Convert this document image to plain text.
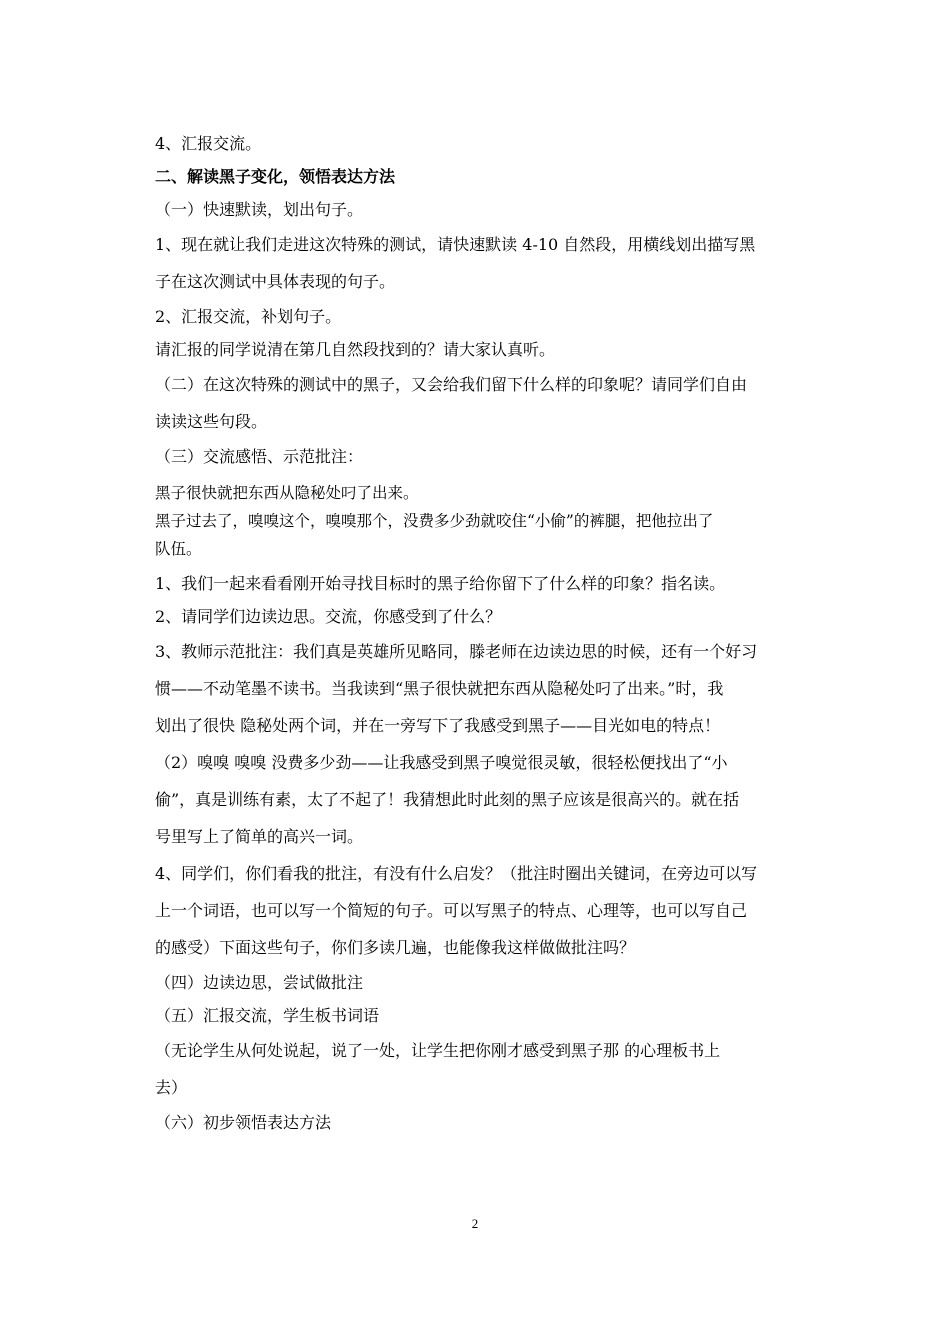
4、汇报交流。

二、解读黑子变化，领悟表达方法

（一）快速默读，划出句子。

1、现在就让我们走进这次特殊的测试，请快速默读 4-10 自然段，用横线划出描写黑

子在这次测试中具体表现的句子。

2、汇报交流，补划句子。

请汇报的同学说清在第几自然段找到的？请大家认真听。

（二）在这次特殊的测试中的黑子，又会给我们留下什么样的印象呢？请同学们自由

读读这些句段。

（三）交流感悟、示范批注：

黑子很快就把东西从隐秘处叼了出来。

黑子过去了，嗅嗅这个，嗅嗅那个，没费多少劲就咬住“小偷”的裤腿，把他拉出了

队伍。

1、我们一起来看看刚开始寻找目标时的黑子给你留下了什么样的印象？指名读。

2、请同学们边读边思。交流，你感受到了什么？

3、教师示范批注：我们真是英雄所见略同，滕老师在边读边思的时候，还有一个好习

惯——不动笔墨不读书。当我读到“黑子很快就把东西从隐秘处叼了出来。”时，我

划出了很快 隐秘处两个词，并在一旁写下了我感受到黑子——目光如电的特点！

（2）嗅嗅 嗅嗅 没费多少劲——让我感受到黑子嗅觉很灵敏，很轻松便找出了“小

偷”，真是训练有素，太了不起了！我猜想此时此刻的黑子应该是很高兴的。就在括

号里写上了简单的高兴一词。

4、同学们，你们看我的批注，有没有什么启发？（批注时圈出关键词，在旁边可以写

上一个词语，也可以写一个简短的句子。可以写黑子的特点、心理等，也可以写自己

的感受）下面这些句子，你们多读几遍，也能像我这样做做批注吗？

（四）边读边思，尝试做批注

（五）汇报交流，学生板书词语

（无论学生从何处说起，说了一处，让学生把你刚才感受到黑子那 的心理板书上

去）

（六）初步领悟表达方法

2
